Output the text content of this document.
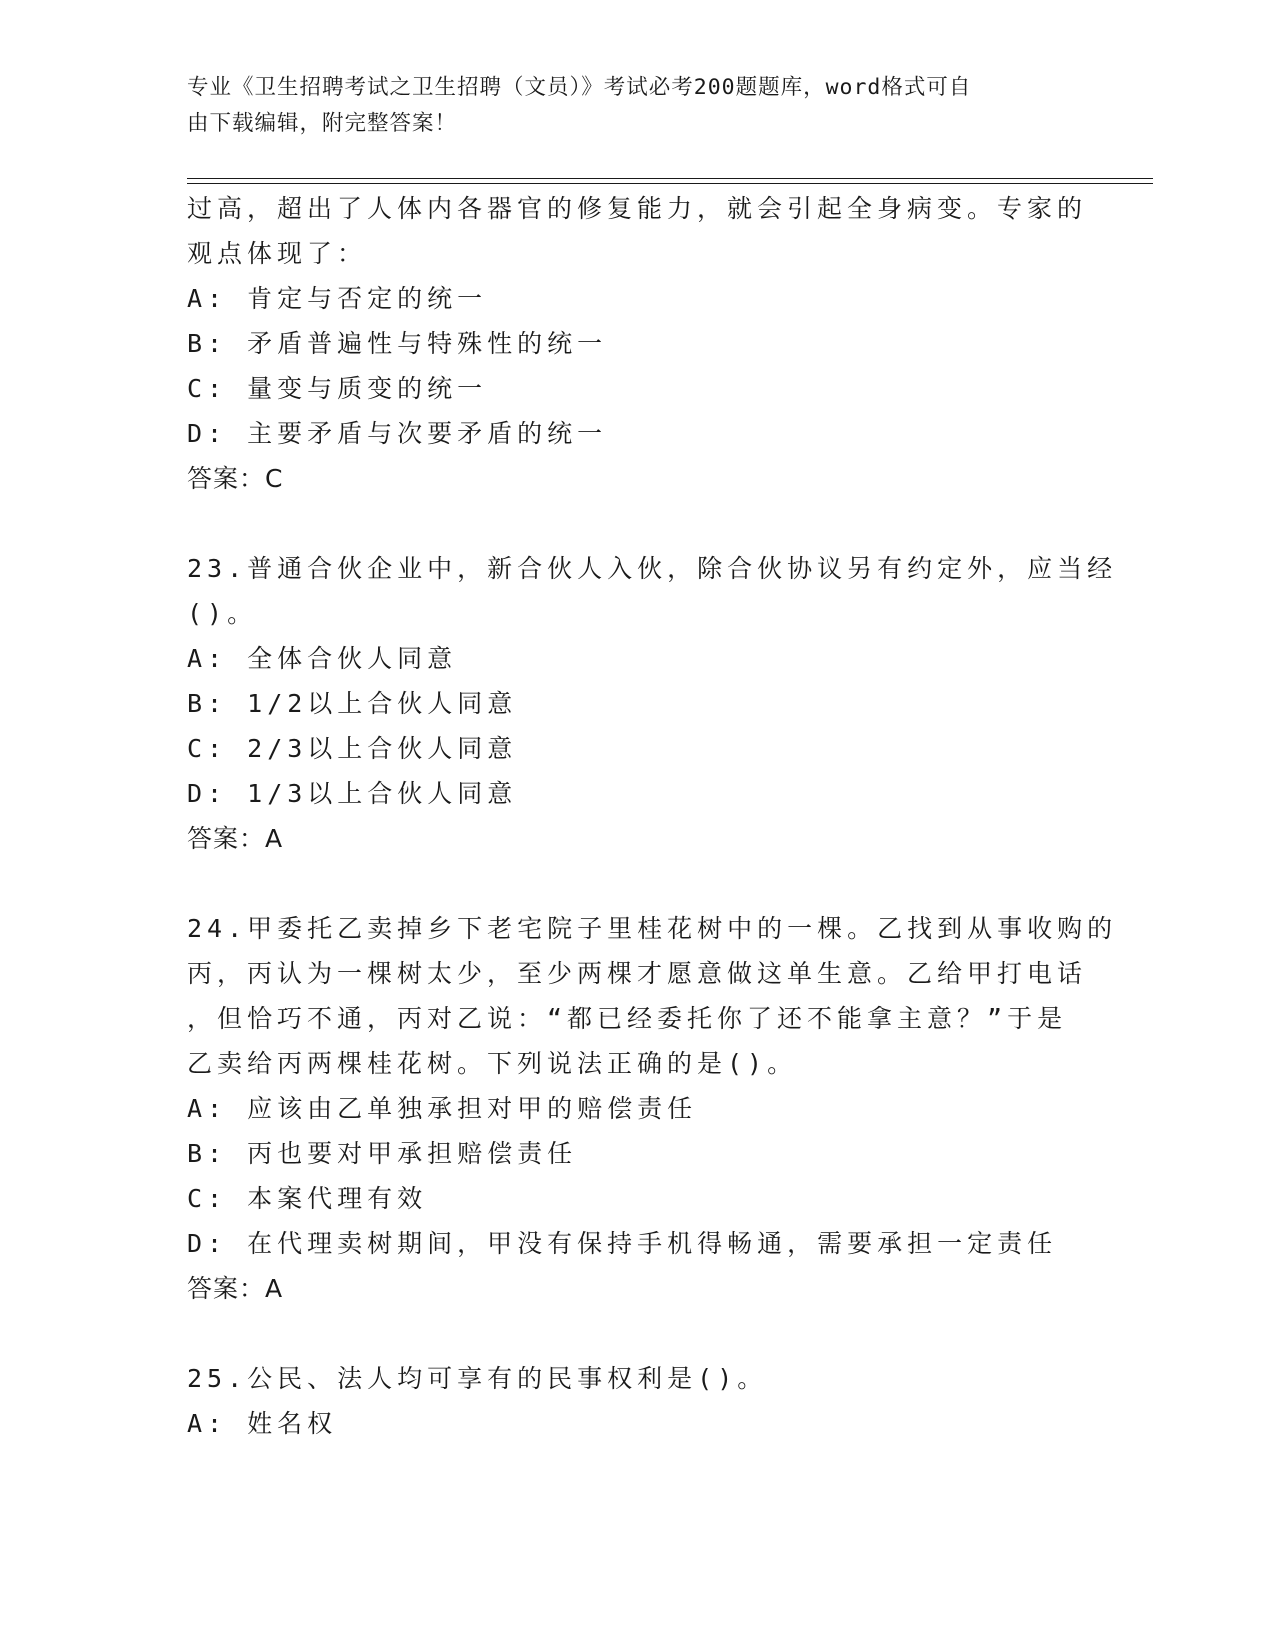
专业《卫生招聘考试之卫生招聘（文员）》考试必考200题题库，word格式可自
由下载编辑，附完整答案！
过高，超出了人体内各器官的修复能力，就会引起全身病变。专家的
观点体现了：
A: 肯定与否定的统一
B: 矛盾普遍性与特殊性的统一
C: 量变与质变的统一
D: 主要矛盾与次要矛盾的统一
答案：C
23.普通合伙企业中，新合伙人入伙，除合伙协议另有约定外，应当经
()。
A: 全体合伙人同意
B: 1/2以上合伙人同意
C: 2/3以上合伙人同意
D: 1/3以上合伙人同意
答案：A
24.甲委托乙卖掉乡下老宅院子里桂花树中的一棵。乙找到从事收购的
丙，丙认为一棵树太少，至少两棵才愿意做这单生意。乙给甲打电话
，但恰巧不通，丙对乙说：“都已经委托你了还不能拿主意？”于是
乙卖给丙两棵桂花树。下列说法正确的是()。
A: 应该由乙单独承担对甲的赔偿责任
B: 丙也要对甲承担赔偿责任
C: 本案代理有效
D: 在代理卖树期间，甲没有保持手机得畅通，需要承担一定责任
答案：A
25.公民、法人均可享有的民事权利是()。
A: 姓名权
